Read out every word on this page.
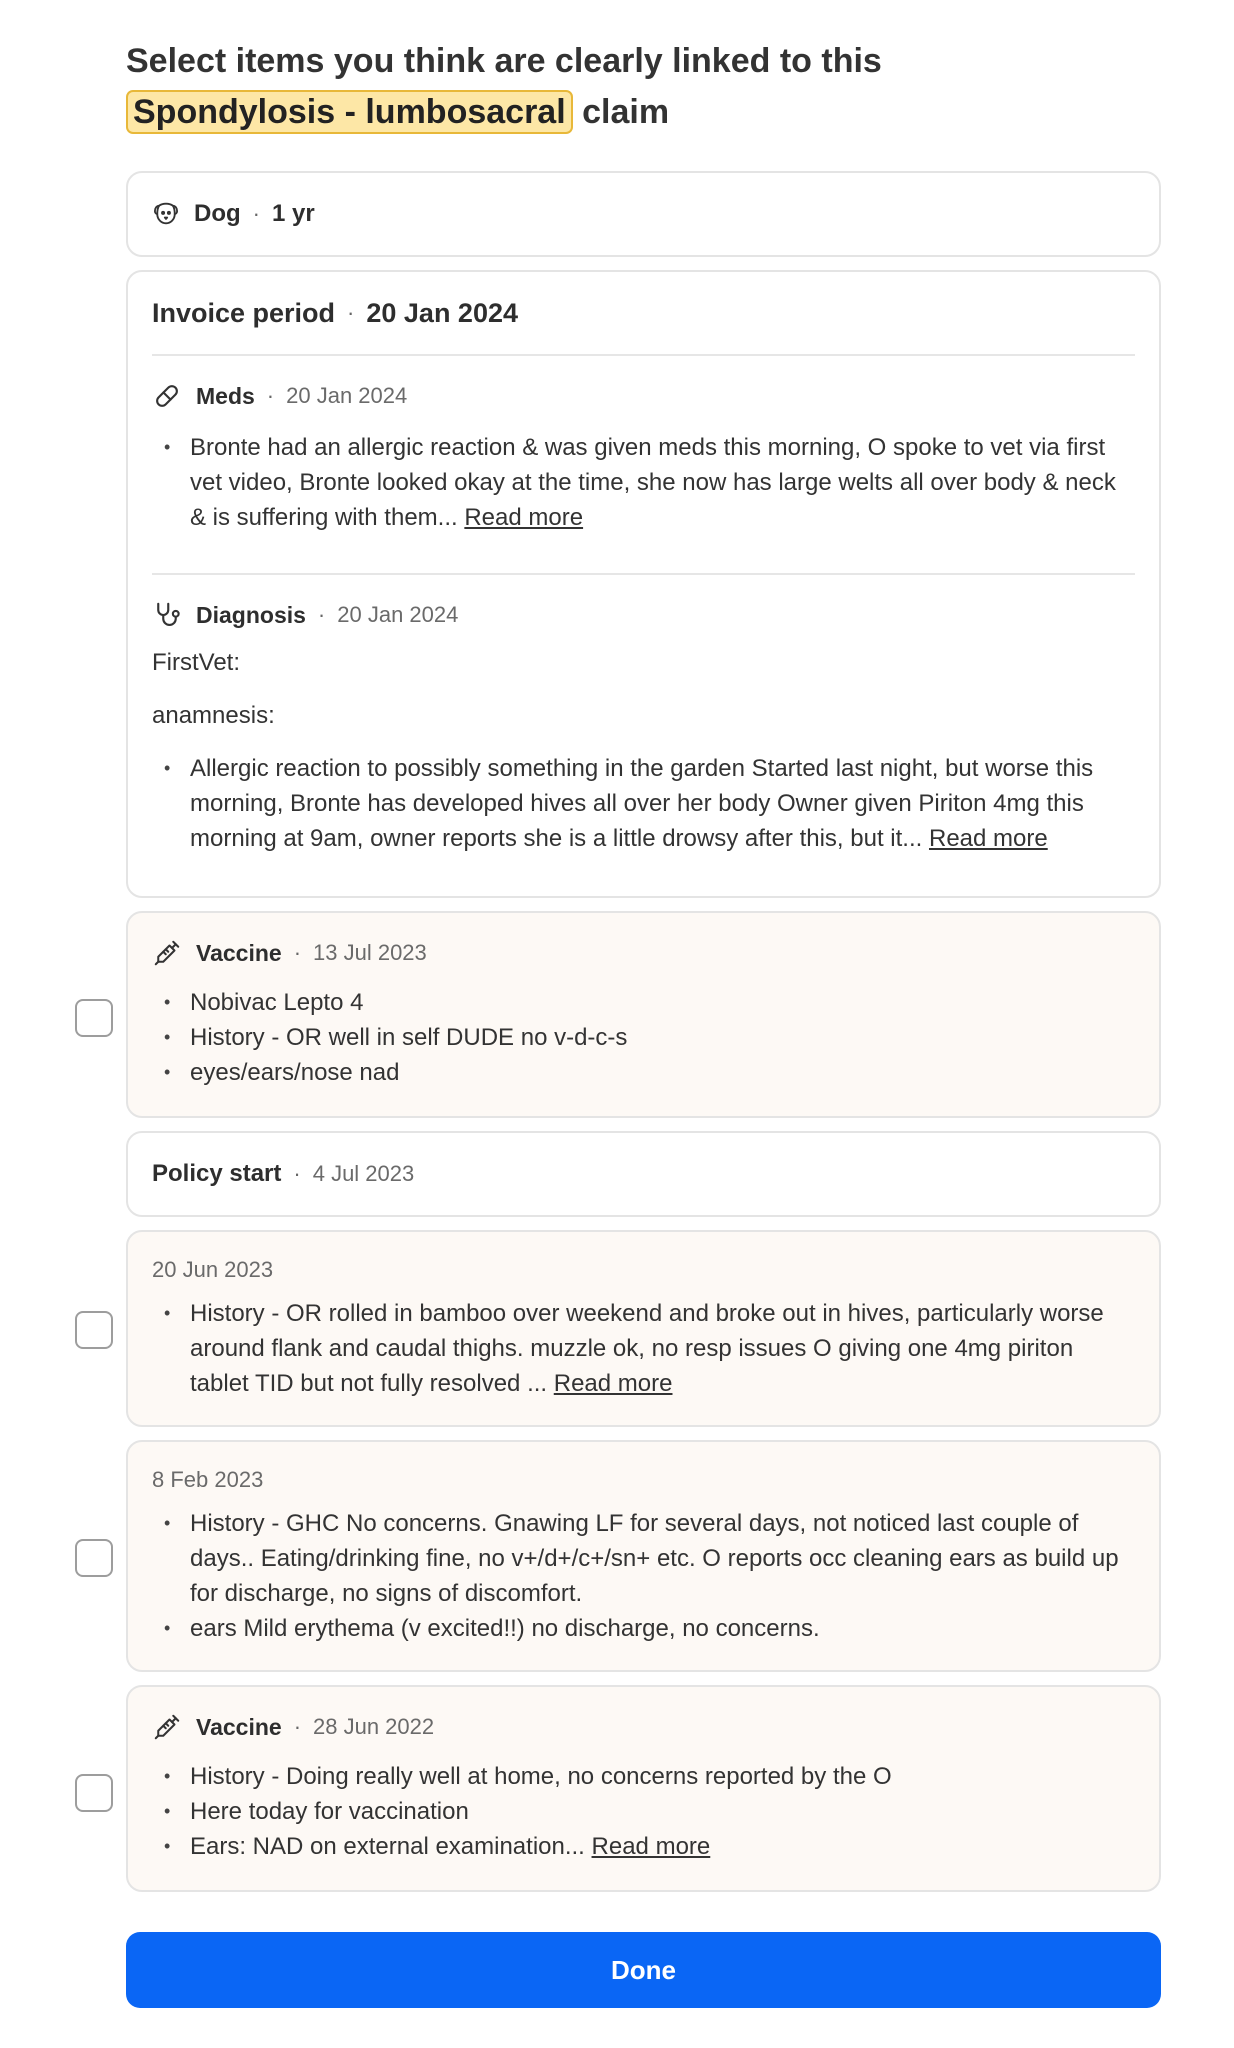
Select items you think are clearly linked to this
Spondylosis - lumbosacral claim
Dog · 1 yr
Invoice period · 20 Jan 2024
Meds · 20 Jan 2024
• Bronte had an allergic reaction & was given meds this morning, O spoke to vet via first vet video, Bronte looked okay at the time, she now has large welts all over body & neck & is suffering with them... Read more
Diagnosis · 20 Jan 2024
FirstVet:
anamnesis:
• Allergic reaction to possibly something in the garden Started last night, but worse this morning, Bronte has developed hives all over her body Owner given Piriton 4mg this morning at 9am, owner reports she is a little drowsy after this, but it... Read more
Vaccine · 13 Jul 2023
• Nobivac Lepto 4
• History - OR well in self DUDE no v-d-c-s
• eyes/ears/nose nad
Policy start · 4 Jul 2023
20 Jun 2023
• History - OR rolled in bamboo over weekend and broke out in hives, particularly worse around flank and caudal thighs. muzzle ok, no resp issues O giving one 4mg piriton tablet TID but not fully resolved ... Read more
8 Feb 2023
• History - GHC No concerns. Gnawing LF for several days, not noticed last couple of days.. Eating/drinking fine, no v+/d+/c+/sn+ etc. O reports occ cleaning ears as build up for discharge, no signs of discomfort.
• ears Mild erythema (v excited!!) no discharge, no concerns.
Vaccine · 28 Jun 2022
• History - Doing really well at home, no concerns reported by the O
• Here today for vaccination
• Ears: NAD on external examination... Read more
Done
